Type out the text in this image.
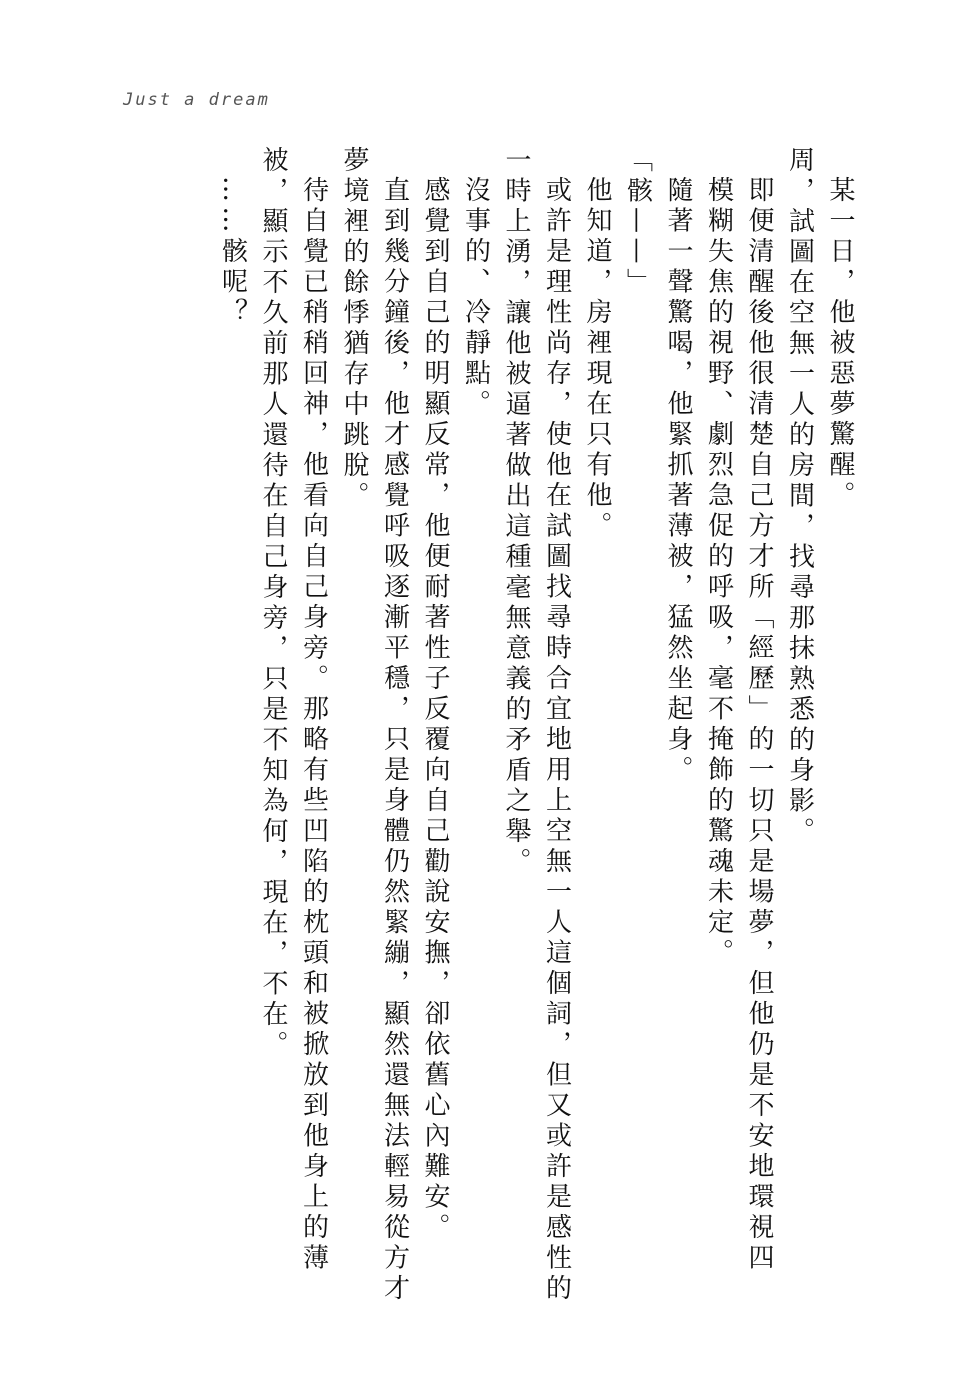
Just a dream
某一日，他被惡夢驚醒。
周，試圖在空無一人的房間，找尋那抹熟悉的身影。
即便清醒後他很清楚自己方才所「經歷」的一切只是場夢，但他仍是不安地環視四
模糊失焦的視野、劇烈急促的呼吸，毫不掩飾的驚魂未定。
隨著一聲驚喝，他緊抓著薄被，猛然坐起身。
「骸——」
他知道，房裡現在只有他。
或許是理性尚存，使他在試圖找尋時合宜地用上空無一人這個詞，但又或許是感性的
一時上湧，讓他被逼著做出這種毫無意義的矛盾之舉。
沒事的、冷靜點。
感覺到自己的明顯反常，他便耐著性子反覆向自己勸說安撫，卻依舊心內難安。
直到幾分鐘後，他才感覺呼吸逐漸平穩，只是身體仍然緊繃，顯然還無法輕易從方才
夢境裡的餘悸猶存中跳脫。
待自覺已稍稍回神，他看向自己身旁。那略有些凹陷的枕頭和被掀放到他身上的薄
被，顯示不久前那人還待在自己身旁，只是不知為何，現在，不在。
……骸呢？
